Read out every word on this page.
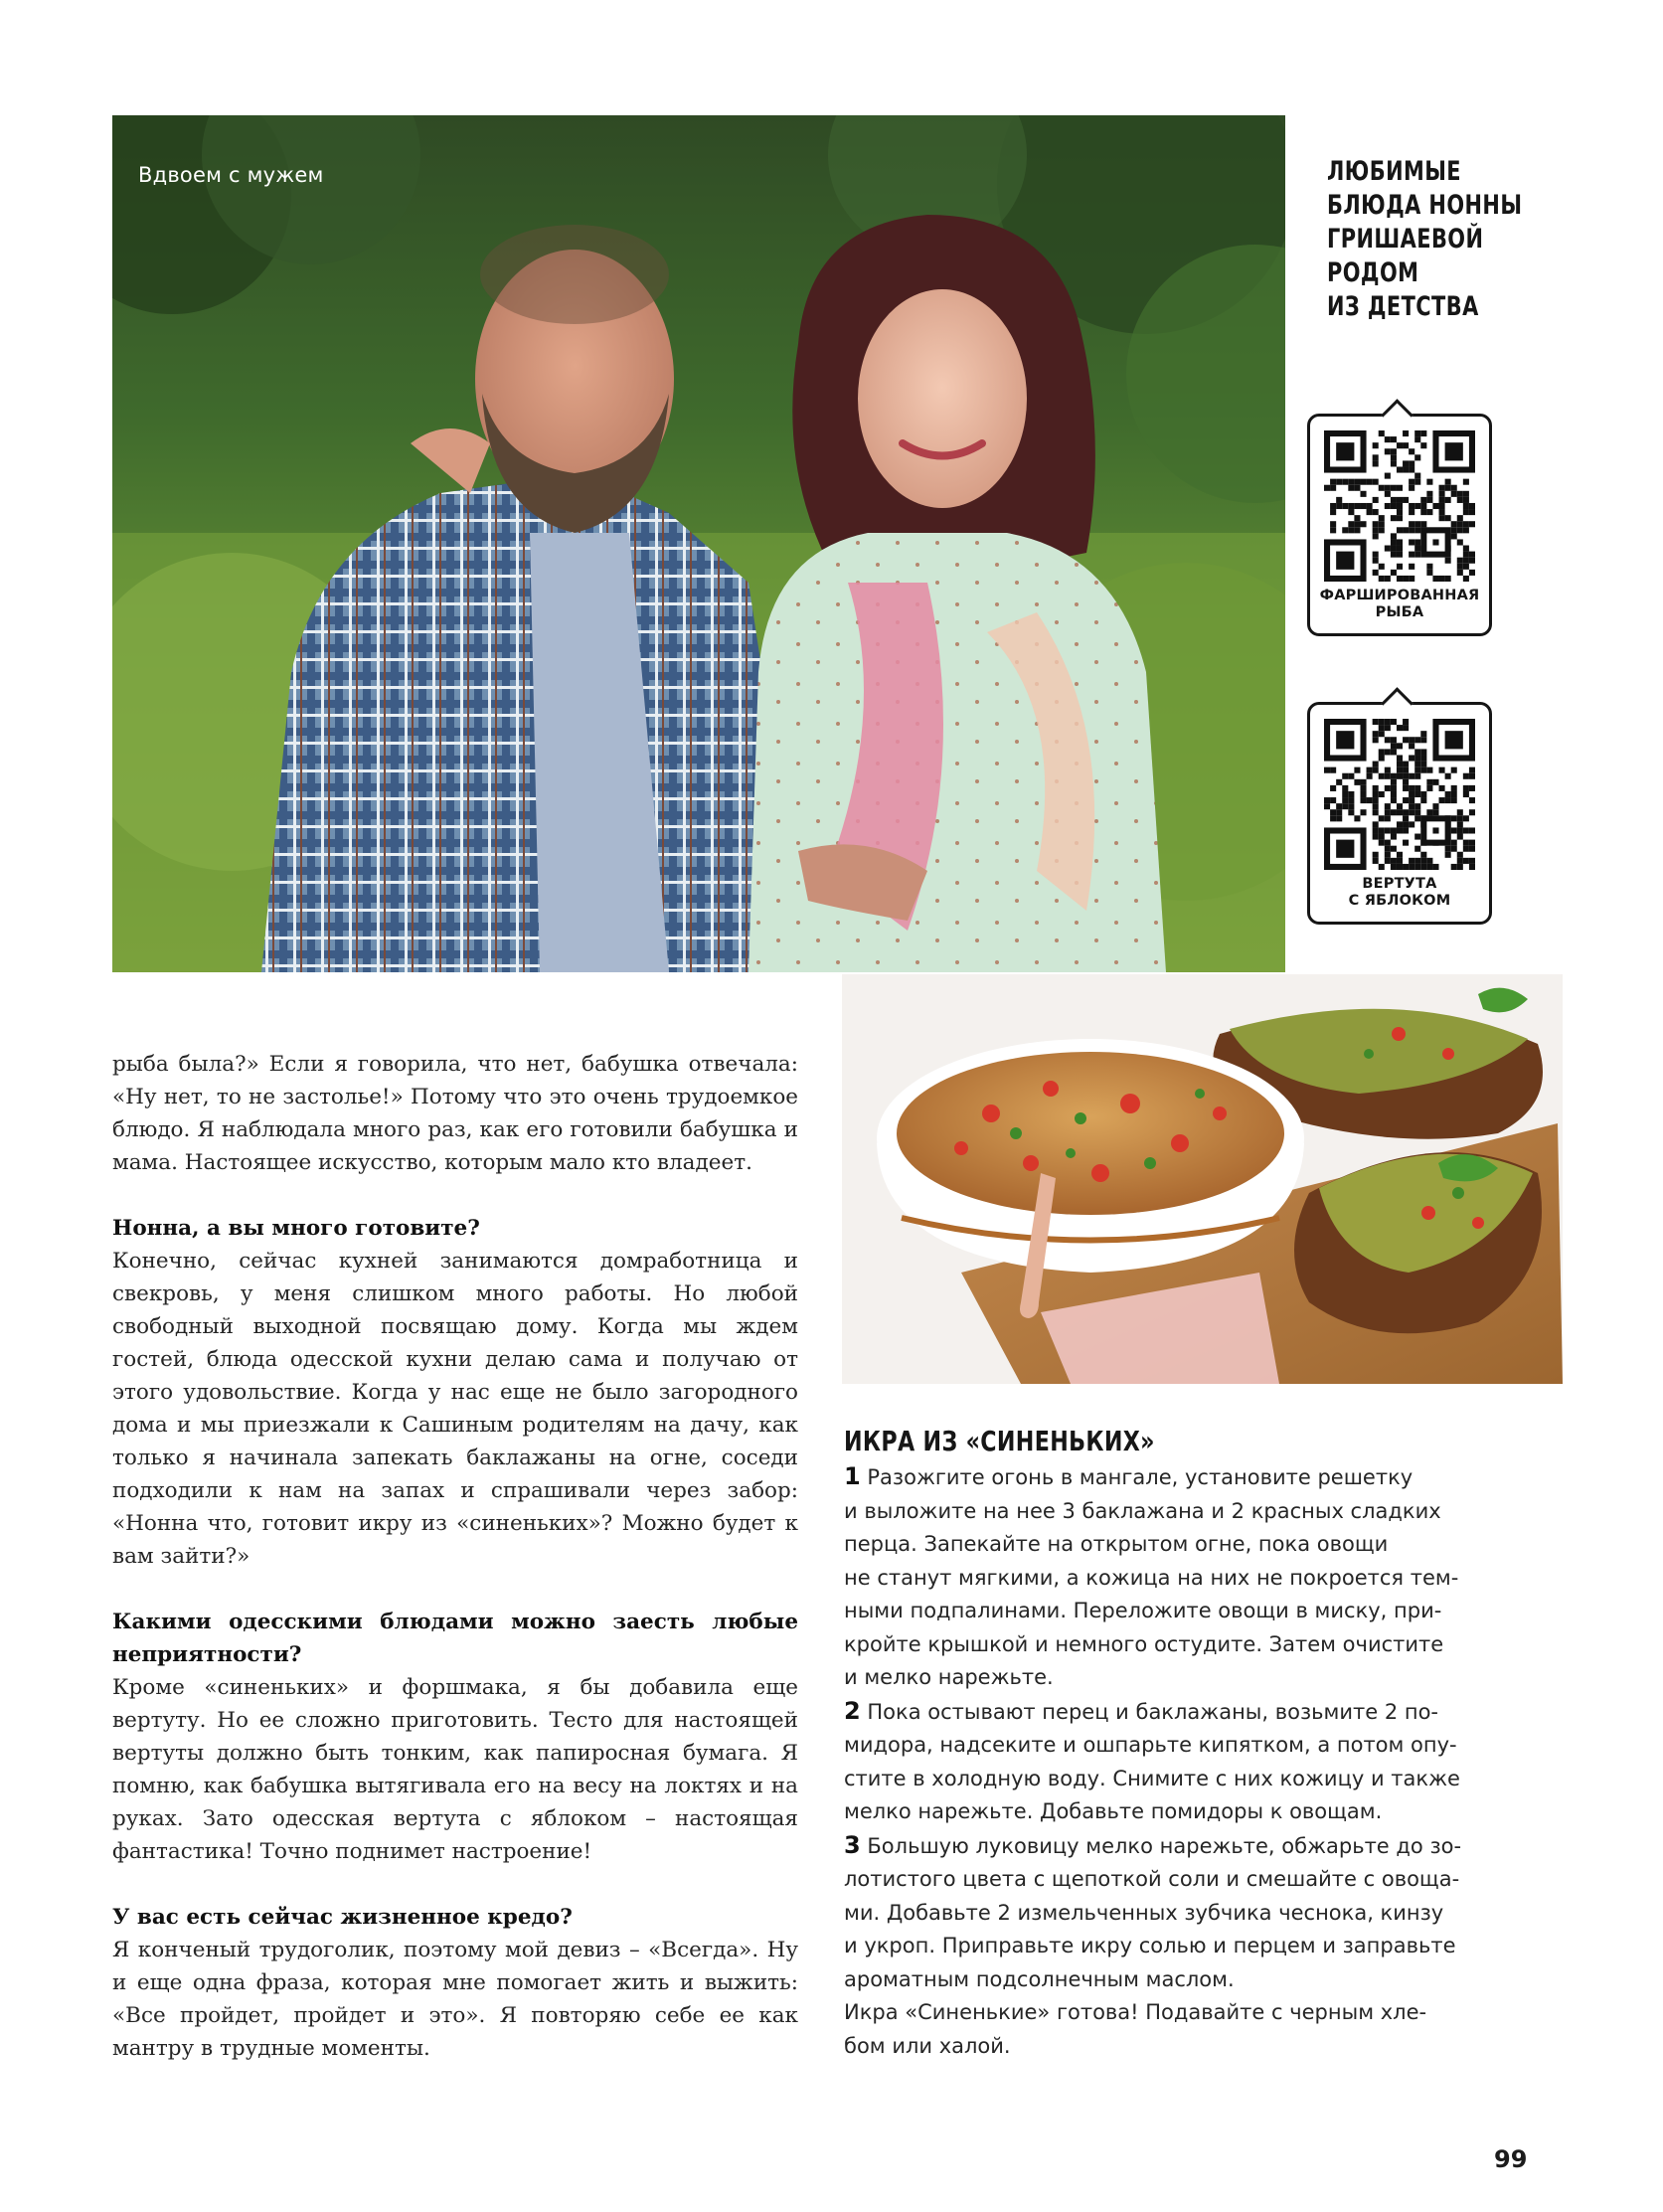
Вдвоем с мужем	ЛЮБИМЫЕ
БЛЮДА НОННЫ
ГРИШАЕВОЙ
РОДОМ
ИЗ ДЕТСТВА
ФАРШИРОВАННАЯ
РЫБА
ВЕРТУТА
С ЯБЛОКОМ

рыба была?» Если я говорила, что нет, бабушка отвечала: «Ну нет, то не застолье!» Потому что это очень трудоемкое блюдо. Я наблюдала много раз, как его готовили бабушка и мама. Настоящее искусство, которым мало кто владеет.

Нонна, а вы много готовите?

Конечно, сейчас кухней занимаются домработница и свекровь, у меня слишком много работы. Но любой свободный выходной посвящаю дому. Когда мы ждем гостей, блюда одесской кухни делаю сама и получаю от этого удовольствие. Когда у нас еще не было загородного дома и мы приезжали к Сашиным родителям на дачу, как только я начинала запекать баклажаны на огне, соседи подходили к нам на запах и спрашивали через забор: «Нонна что, готовит икру из «синеньких»? Можно будет к вам зайти?»

Какими одесскими блюдами можно заесть любые неприятности?

Кроме «синеньких» и форшмака, я бы добавила еще вертуту. Но ее сложно приготовить. Тесто для настоящей вертуты должно быть тонким, как папиросная бумага. Я помню, как бабушка вытягивала его на весу на локтях и на руках. Зато одесская вертута с яблоком – настоящая фантастика! Точно поднимет настроение!

У вас есть сейчас жизненное кредо?

Я конченый трудоголик, поэтому мой девиз – «Всегда». Ну и еще одна фраза, которая мне помогает жить и выжить: «Все пройдет, пройдет и это». Я повторяю себе ее как мантру в трудные моменты.

ИКРА ИЗ «СИНЕНЬКИХ»
1 Разожгите огонь в мангале, установите решетку
и выложите на нее 3 баклажана и 2 красных сладких
перца. Запекайте на открытом огне, пока овощи
не станут мягкими, а кожица на них не покроется тем-
ными подпалинами. Переложите овощи в миску, при-
кройте крышкой и немного остудите. Затем очистите
и мелко нарежьте.
2 Пока остывают перец и баклажаны, возьмите 2 по-
мидора, надсеките и ошпарьте кипятком, а потом опу-
стите в холодную воду. Снимите с них кожицу и также
мелко нарежьте. Добавьте помидоры к овощам.
3 Большую луковицу мелко нарежьте, обжарьте до зо-
лотистого цвета с щепоткой соли и смешайте с овоща-
ми. Добавьте 2 измельченных зубчика чеснока, кинзу
и укроп. Приправьте икру солью и перцем и заправьте
ароматным подсолнечным маслом.
Икра «Синенькие» готова! Подавайте с черным хле-
бом или халой.
99
